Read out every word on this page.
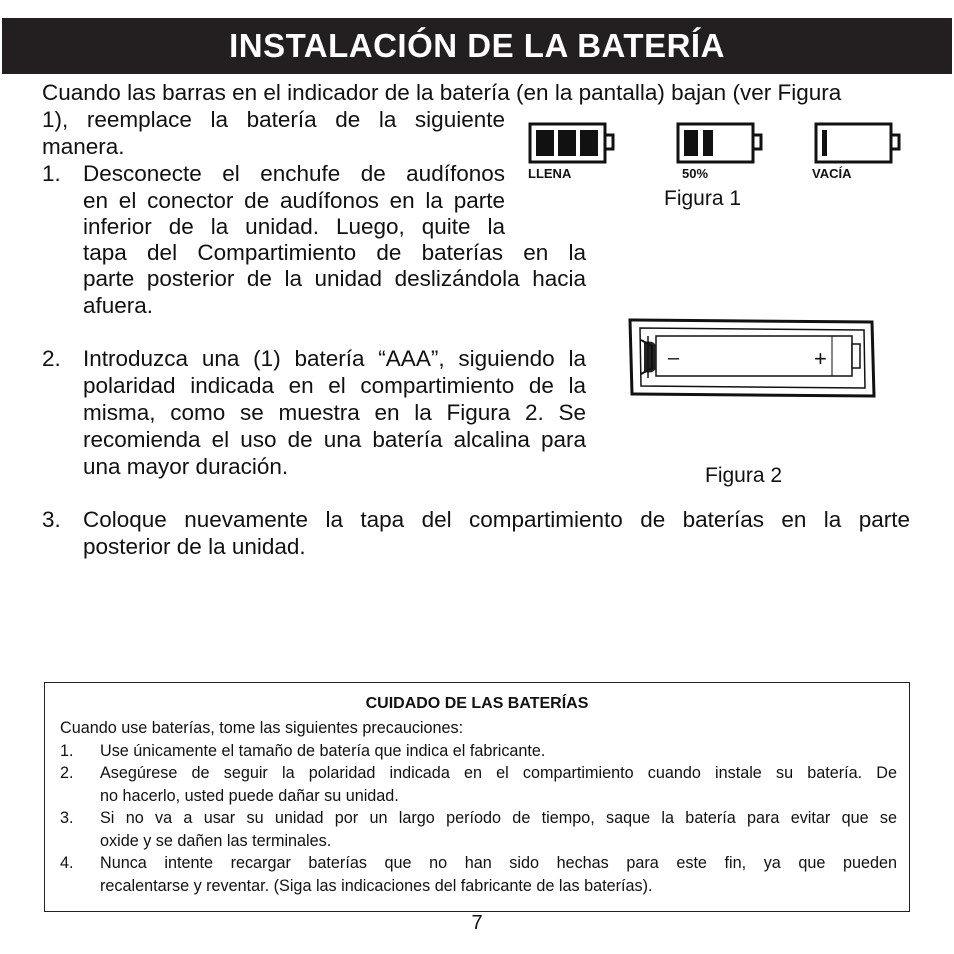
INSTALACIÓN DE LA BATERÍA
Cuando las barras en el indicador de la batería (en la pantalla) bajan (ver Figura
1), reemplace la batería de la siguiente
manera.
1. Desconecte el enchufe de audífonos
en el conector de audífonos en la parte
inferior de la unidad. Luego, quite la
tapa del Compartimiento de baterías en la
parte posterior de la unidad deslizándola hacia
afuera.
2. Introduzca una (1) batería “AAA”, siguiendo la
polaridad indicada en el compartimiento de la
misma, como se muestra en la Figura 2. Se
recomienda el uso de una batería alcalina para
una mayor duración.
3. Coloque nuevamente la tapa del compartimiento de baterías en la parte
posterior de la unidad.
LLENA	50%	VACÍA
Figura 1
–	+
Figura 2
CUIDADO DE LAS BATERÍAS
Cuando use baterías, tome las siguientes precauciones:
1. Use únicamente el tamaño de batería que indica el fabricante.
2. Asegúrese de seguir la polaridad indicada en el compartimiento cuando instale su batería. De
no hacerlo, usted puede dañar su unidad.
3. Si no va a usar su unidad por un largo período de tiempo, saque la batería para evitar que se
oxide y se dañen las terminales.
4. Nunca intente recargar baterías que no han sido hechas para este fin, ya que pueden
recalentarse y reventar. (Siga las indicaciones del fabricante de las baterías).
7
